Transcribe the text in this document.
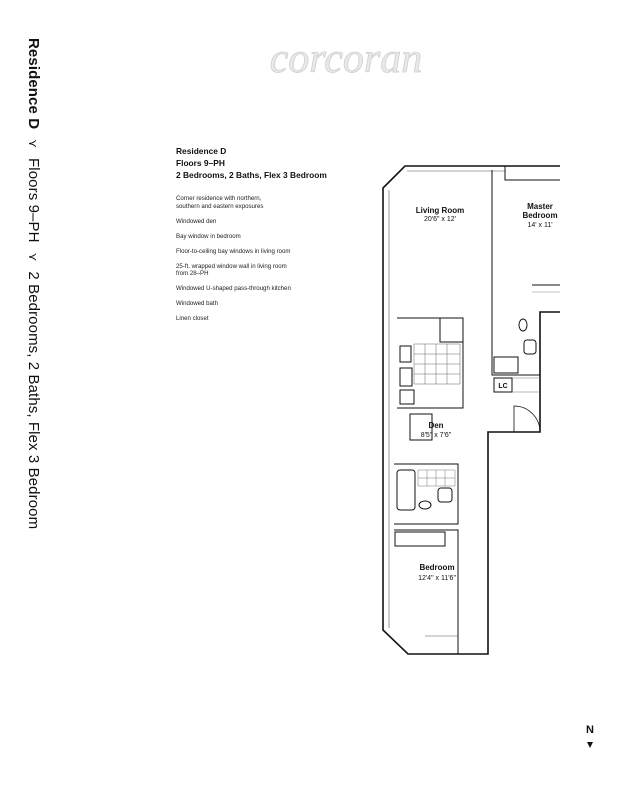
Residence D⋎Floors 9–PH⋎2 Bedrooms, 2 Baths, Flex 3 Bedroom
corcoran
Residence D
Floors 9–PH
2 Bedrooms, 2 Baths, Flex 3 Bedroom
Corner residence with northern,
southern and eastern exposures
Windowed den
Bay window in bedroom
Floor-to-ceiling bay windows in living room
25-ft. wrapped window wall in living room
from 28–PH
Windowed U-shaped pass-through kitchen
Windowed bath
Linen closet
Living Room
20'6" x 12'
Master
Bedroom
14' x 11'
LC
Den
8'5" x 7'6"
Bedroom
12'4" x 11'6"
N
